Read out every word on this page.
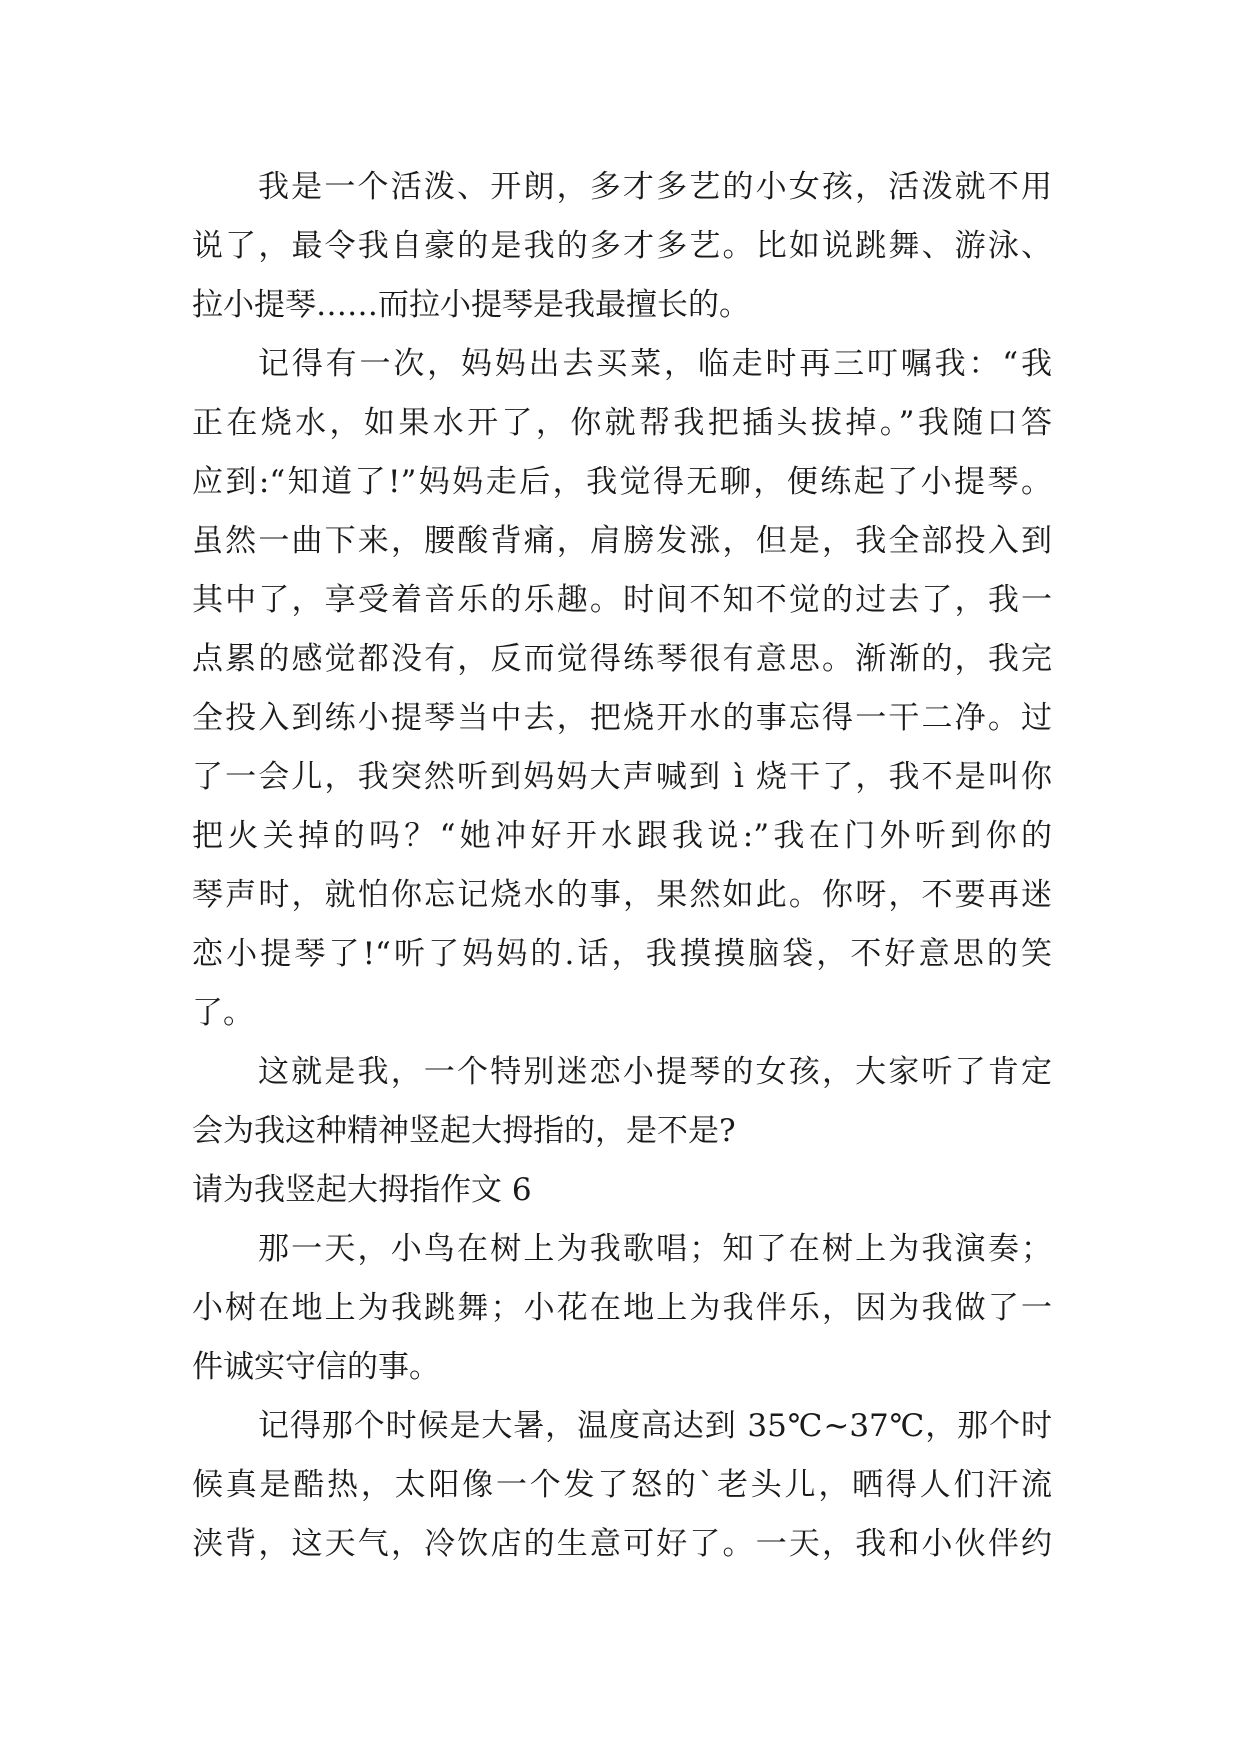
我是一个活泼、开朗，多才多艺的小女孩，活泼就不用
说了，最令我自豪的是我的多才多艺。比如说跳舞、游泳、
拉小提琴……而拉小提琴是我最擅长的。
记得有一次，妈妈出去买菜，临走时再三叮嘱我：“我
正在烧水，如果水开了，你就帮我把插头拔掉。”我随口答
应到:“知道了!”妈妈走后，我觉得无聊，便练起了小提琴。
虽然一曲下来，腰酸背痛，肩膀发涨，但是，我全部投入到
其中了，享受着音乐的乐趣。时间不知不觉的过去了，我一
点累的感觉都没有，反而觉得练琴很有意思。渐渐的，我完
全投入到练小提琴当中去，把烧开水的事忘得一干二净。过
了一会儿，我突然听到妈妈大声喊到 ì 烧干了，我不是叫你
把火关掉的吗？“她冲好开水跟我说:”我在门外听到你的
琴声时，就怕你忘记烧水的事，果然如此。你呀，不要再迷
恋小提琴了!“听了妈妈的.话，我摸摸脑袋，不好意思的笑
了。
这就是我，一个特别迷恋小提琴的女孩，大家听了肯定
会为我这种精神竖起大拇指的，是不是?
请为我竖起大拇指作文 6
那一天，小鸟在树上为我歌唱；知了在树上为我演奏；
小树在地上为我跳舞；小花在地上为我伴乐，因为我做了一
件诚实守信的事。
记得那个时候是大暑，温度高达到 35℃~37℃，那个时
候真是酷热，太阳像一个发了怒的`老头儿，晒得人们汗流
浃背，这天气，冷饮店的生意可好了。一天，我和小伙伴约
